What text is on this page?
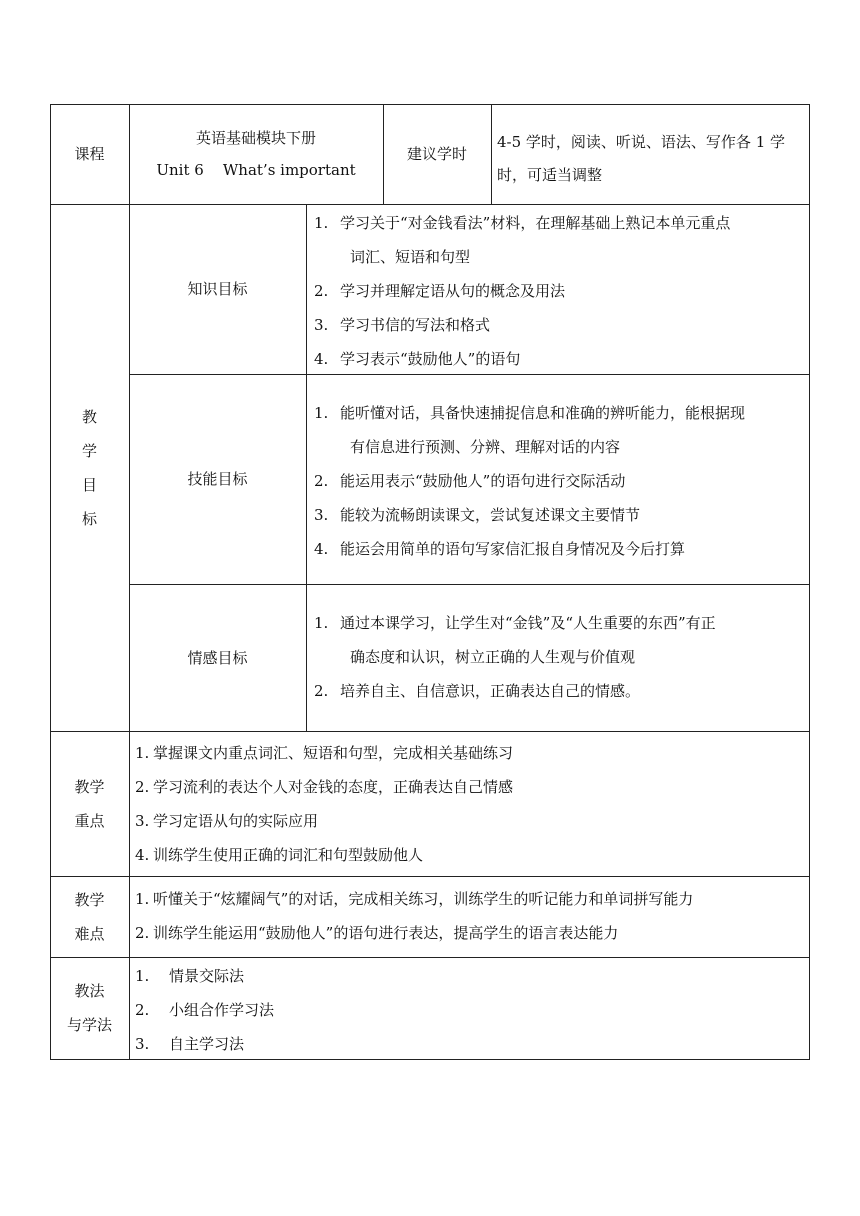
课程
英语基础模块下册
Unit 6    What’s important
建议学时
4-5 学时，阅读、听说、语法、写作各 1 学时，可适当调整
教
学
目
标
知识目标
1. 学习关于“对金钱看法”材料，在理解基础上熟记本单元重点
词汇、短语和句型
2. 学习并理解定语从句的概念及用法
3. 学习书信的写法和格式
4. 学习表示“鼓励他人”的语句
技能目标
1. 能听懂对话，具备快速捕捉信息和准确的辨听能力，能根据现
有信息进行预测、分辨、理解对话的内容
2. 能运用表示“鼓励他人”的语句进行交际活动
3. 能较为流畅朗读课文，尝试复述课文主要情节
4. 能运会用简单的语句写家信汇报自身情况及今后打算
情感目标
1. 通过本课学习，让学生对“金钱”及“人生重要的东西”有正
确态度和认识，树立正确的人生观与价值观
2. 培养自主、自信意识，正确表达自己的情感。
教学
重点
1. 掌握课文内重点词汇、短语和句型，完成相关基础练习
2. 学习流利的表达个人对金钱的态度，正确表达自己情感
3. 学习定语从句的实际应用
4. 训练学生使用正确的词汇和句型鼓励他人
教学
难点
1. 听懂关于“炫耀阔气”的对话，完成相关练习，训练学生的听记能力和单词拼写能力
2. 训练学生能运用“鼓励他人”的语句进行表达，提高学生的语言表达能力
教法
与学法
1. 情景交际法
2. 小组合作学习法
3. 自主学习法
